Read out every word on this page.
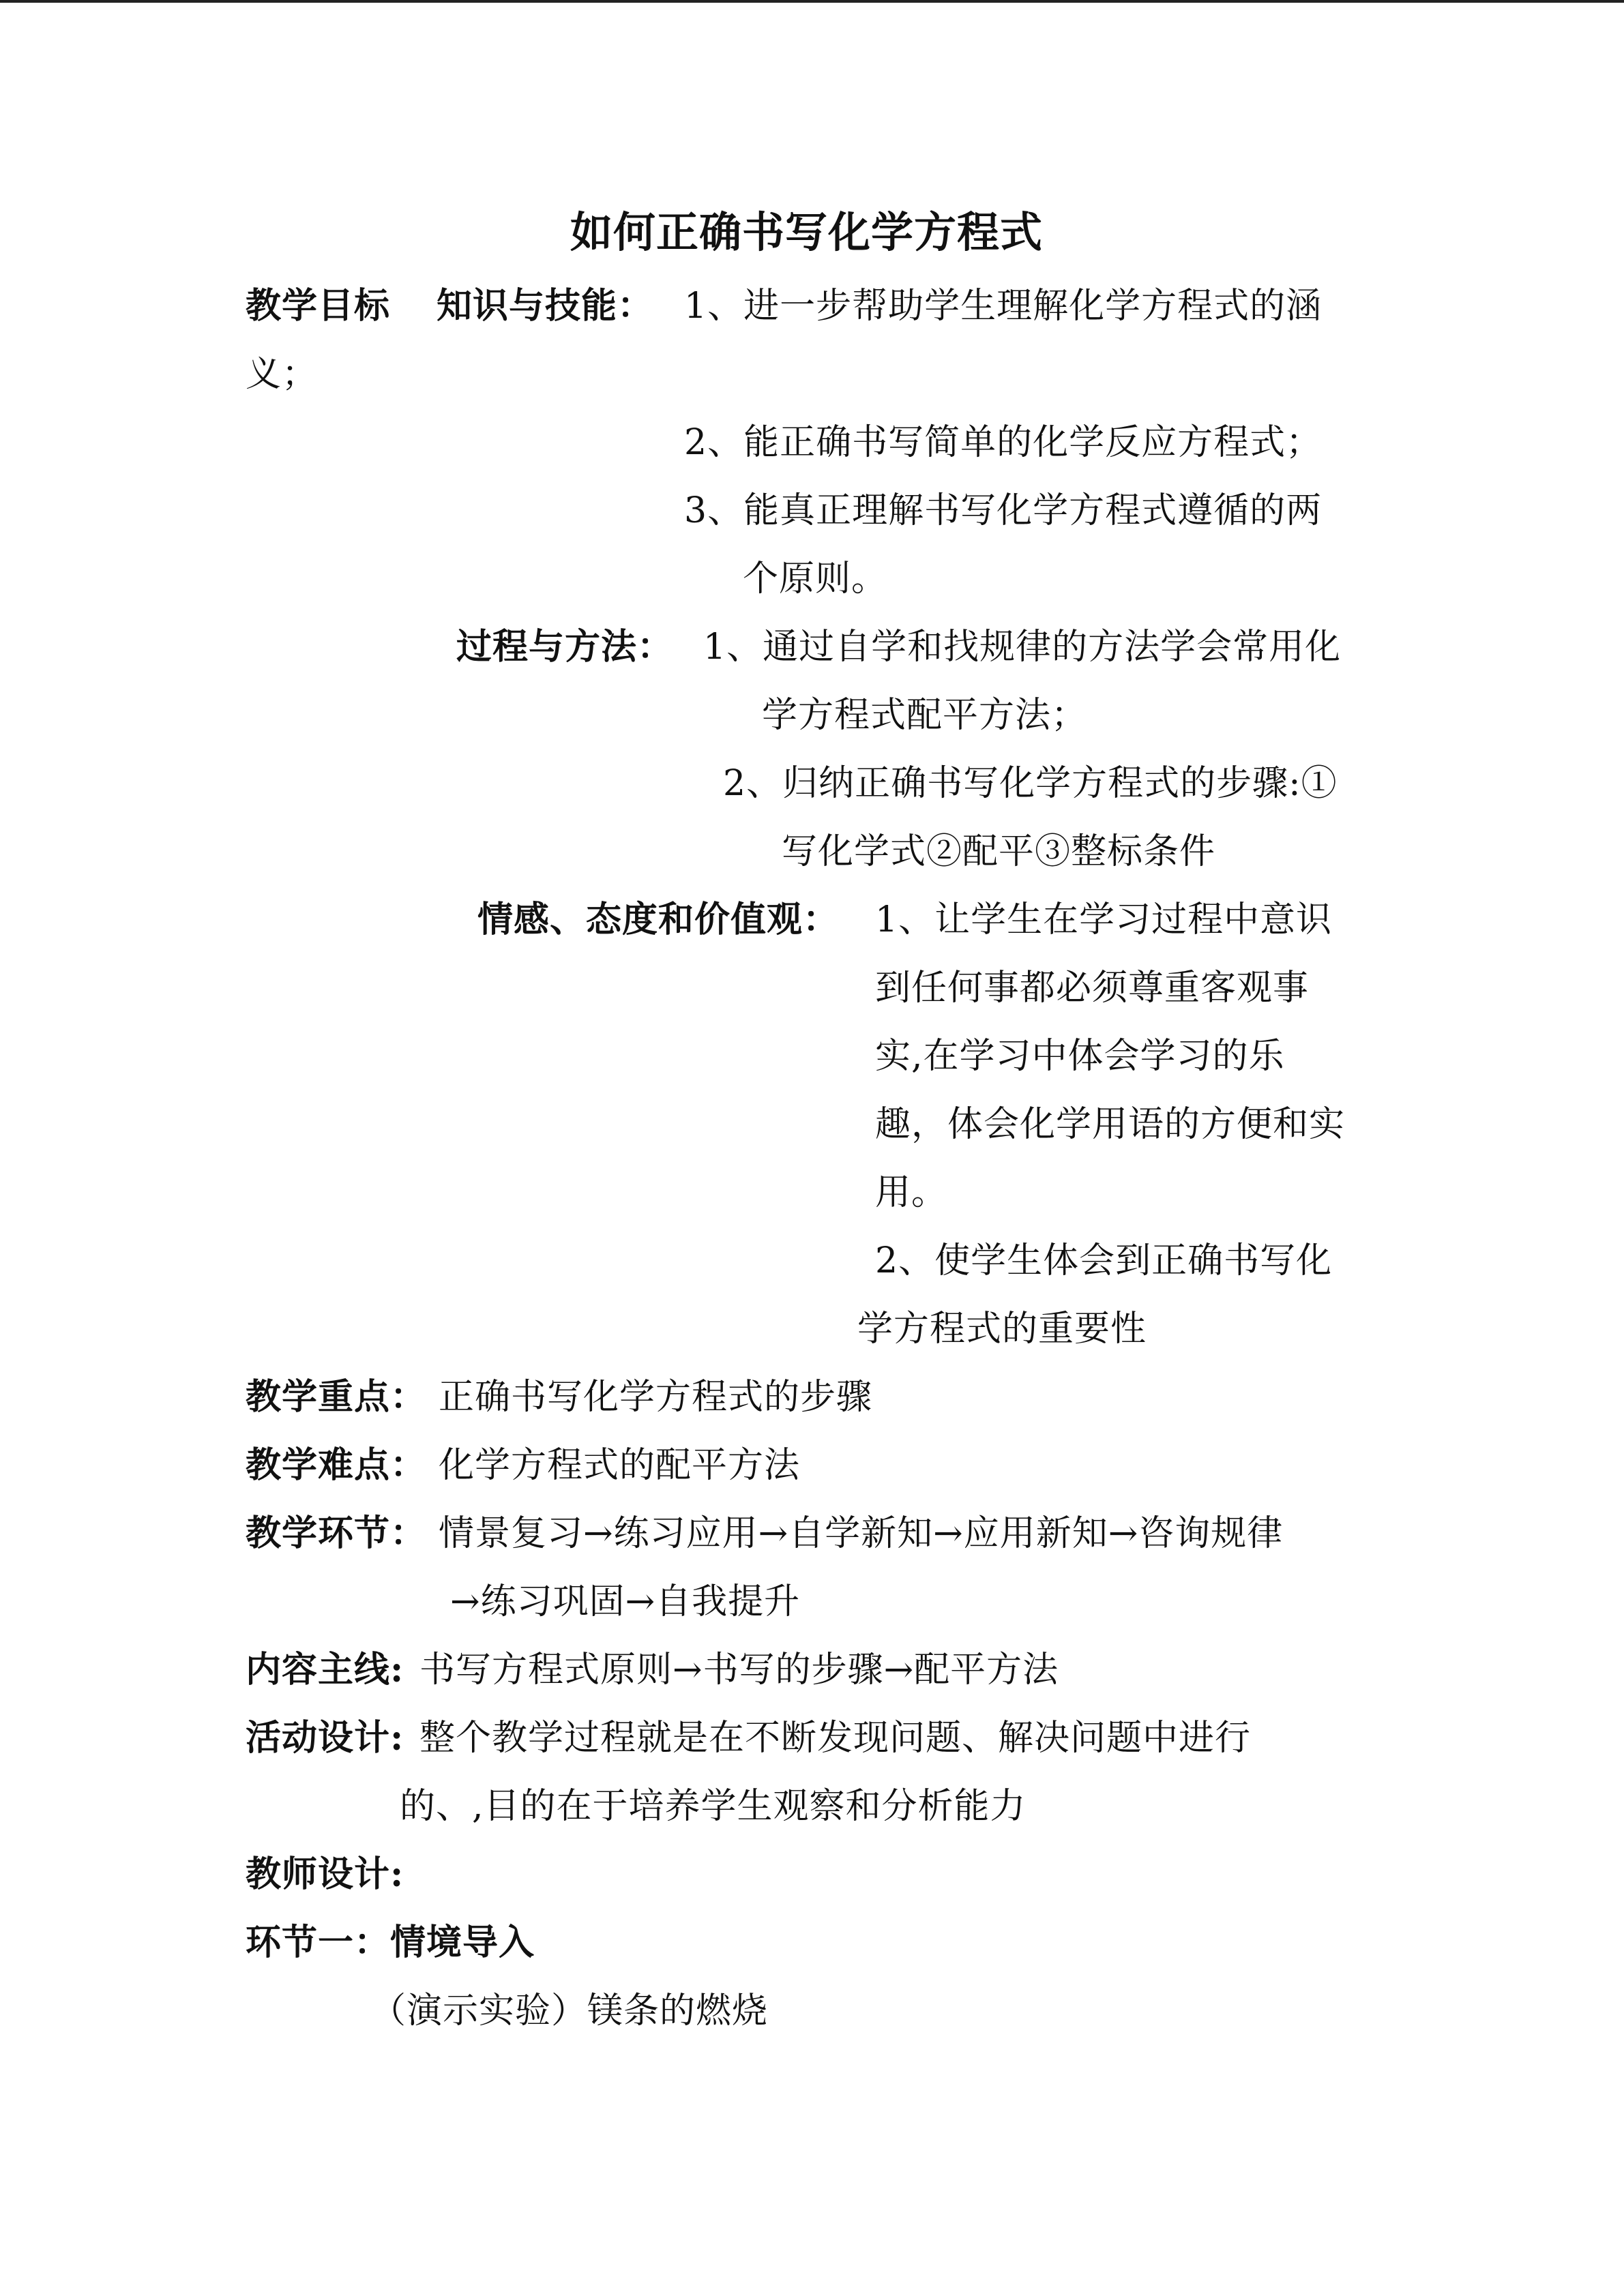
如何正确书写化学方程式
教学目标 知识与技能： 1、进一步帮助学生理解化学方程式的涵
义；
2、能正确书写简单的化学反应方程式；
3、能真正理解书写化学方程式遵循的两
个原则。
过程与方法： 1、通过自学和找规律的方法学会常用化
学方程式配平方法；
2、归纳正确书写化学方程式的步骤:①
写化学式②配平③整标条件
情感、态度和价值观： 1、让学生在学习过程中意识
到任何事都必须尊重客观事
实,在学习中体会学习的乐
趣，体会化学用语的方便和实
用。
2、使学生体会到正确书写化
学方程式的重要性
教学重点： 正确书写化学方程式的步骤
教学难点： 化学方程式的配平方法
教学环节： 情景复习→练习应用→自学新知→应用新知→咨询规律
→练习巩固→自我提升
内容主线: 书写方程式原则→书写的步骤→配平方法
活动设计: 整个教学过程就是在不断发现问题、解决问题中进行
的、,目的在于培养学生观察和分析能力
教师设计:
环节一：情境导入
（演示实验）镁条的燃烧
